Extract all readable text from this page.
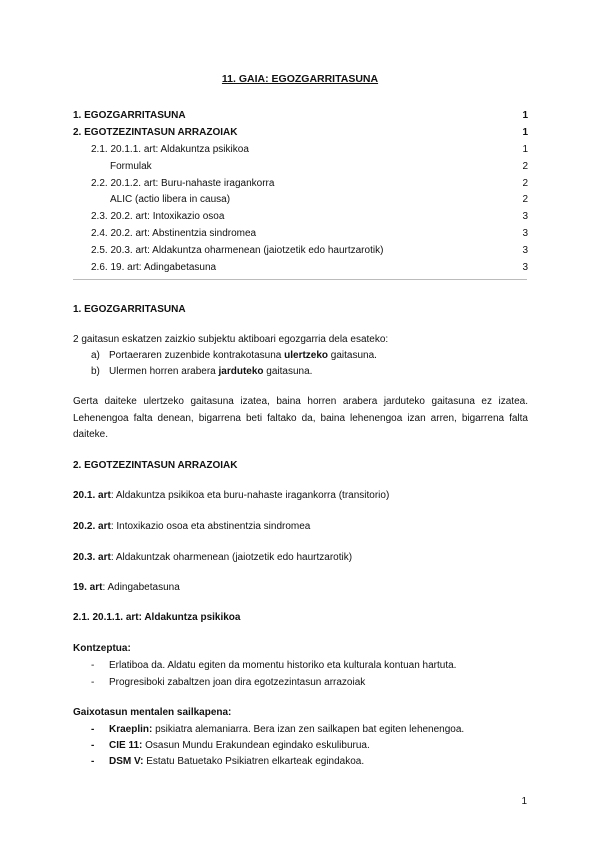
11. GAIA: EGOZGARRITASUNA
1. EGOZGARRITASUNA	1
2. EGOTZEZINTASUN ARRAZOIAK	1
2.1. 20.1.1. art: Aldakuntza psikikoa	1
Formulak	2
2.2. 20.1.2. art: Buru-nahaste iragankorra	2
ALIC (actio libera in causa)	2
2.3. 20.2. art: Intoxikazio osoa	3
2.4. 20.2. art: Abstinentzia sindromea	3
2.5. 20.3. art: Aldakuntza oharmenean (jaiotzetik edo haurtzarotik)	3
2.6. 19. art: Adingabetasuna	3
1. EGOZGARRITASUNA
2 gaitasun eskatzen zaizkio subjektu aktiboari egozgarria dela esateko:
a) Portaeraren zuzenbide kontrakotasuna ulertzeko gaitasuna.
b) Ulermen horren arabera jarduteko gaitasuna.
Gerta daiteke ulertzeko gaitasuna izatea, baina horren arabera jarduteko gaitasuna ez izatea. Lehenengoa falta denean, bigarrena beti faltako da, baina lehenengoa izan arren, bigarrena falta daiteke.
2. EGOTZEZINTASUN ARRAZOIAK
20.1. art: Aldakuntza psikikoa eta buru-nahaste iragankorra (transitorio)
20.2. art: Intoxikazio osoa eta abstinentzia sindromea
20.3. art: Aldakuntzak oharmenean (jaiotzetik edo haurtzarotik)
19. art: Adingabetasuna
2.1. 20.1.1. art: Aldakuntza psikikoa
Kontzeptua:
-	Erlatiboa da. Aldatu egiten da momentu historiko eta kulturala kontuan hartuta.
-	Progresiboki zabaltzen joan dira egotzezintasun arrazoiak
Gaixotasun mentalen sailkapena:
-	Kraeplin: psikiatra alemaniarra. Bera izan zen sailkapen bat egiten lehenengoa.
-	CIE 11: Osasun Mundu Erakundean egindako eskuliburua.
-	DSM V: Estatu Batuetako Psikiatren elkarteak egindakoa.
1
